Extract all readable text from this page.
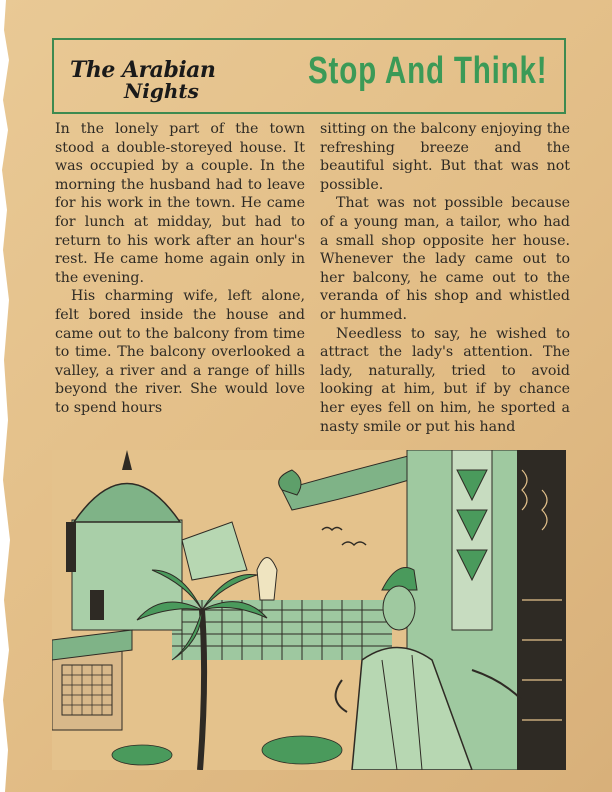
The Arabian
Nights	Stop And Think!

In the lonely part of the town stood a double-storeyed house. It was occupied by a couple. In the morning the husband had to leave for his work in the town. He came for lunch at midday, but had to return to his work after an hour's rest. He came home again only in the evening.

His charming wife, left alone, felt bored inside the house and came out to the balcony from time to time. The balcony overlooked a valley, a river and a range of hills beyond the river. She would love to spend hours

sitting on the balcony enjoying the refreshing breeze and the beautiful sight. But that was not possible.

That was not possible because of a young man, a tailor, who had a small shop opposite her house. Whenever the lady came out to her balcony, he came out to the veranda of his shop and whistled or hummed.

Needless to say, he wished to attract the lady's attention. The lady, naturally, tried to avoid looking at him, but if by chance her eyes fell on him, he sported a nasty smile or put his hand
